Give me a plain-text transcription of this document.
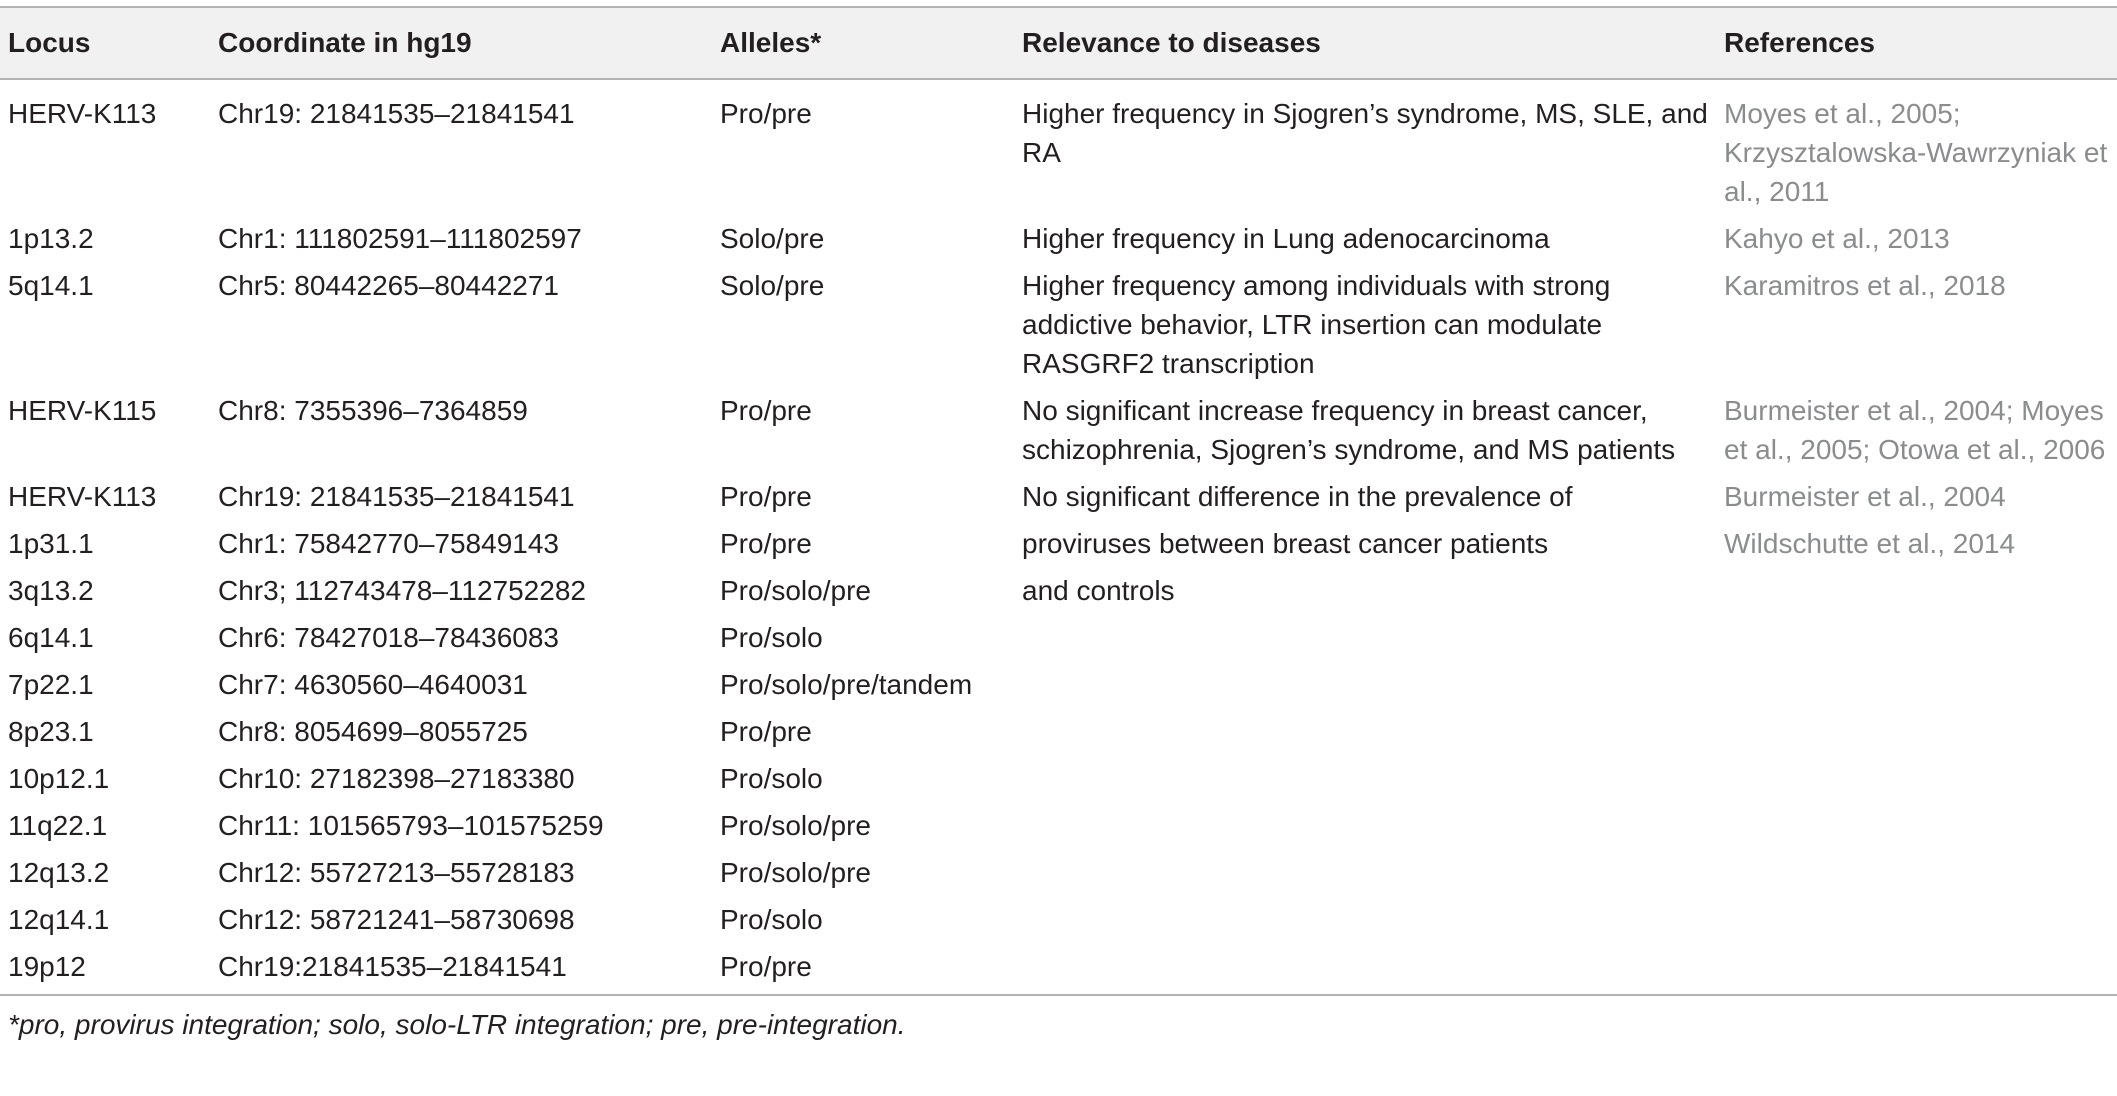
Locus	Coordinate in hg19	Alleles*	Relevance to diseases	References
HERV-K113	Chr19: 21841535–21841541	Pro/pre	Higher frequency in Sjogren’s syndrome, MS, SLE, and RA	Moyes et al., 2005; Krzysztalowska-Wawrzyniak et al., 2011
1p13.2	Chr1: 111802591–111802597	Solo/pre	Higher frequency in Lung adenocarcinoma	Kahyo et al., 2013
5q14.1	Chr5: 80442265–80442271	Solo/pre	Higher frequency among individuals with strong addictive behavior, LTR insertion can modulate RASGRF2 transcription	Karamitros et al., 2018
HERV-K115	Chr8: 7355396–7364859	Pro/pre	No significant increase frequency in breast cancer, schizophrenia, Sjogren’s syndrome, and MS patients	Burmeister et al., 2004; Moyes et al., 2005; Otowa et al., 2006
HERV-K113	Chr19: 21841535–21841541	Pro/pre	No significant difference in the prevalence of	Burmeister et al., 2004
1p31.1	Chr1: 75842770–75849143	Pro/pre	proviruses between breast cancer patients	Wildschutte et al., 2014
3q13.2	Chr3; 112743478–112752282	Pro/solo/pre	and controls	
6q14.1	Chr6: 78427018–78436083	Pro/solo		
7p22.1	Chr7: 4630560–4640031	Pro/solo/pre/tandem		
8p23.1	Chr8: 8054699–8055725	Pro/pre		
10p12.1	Chr10: 27182398–27183380	Pro/solo		
11q22.1	Chr11: 101565793–101575259	Pro/solo/pre		
12q13.2	Chr12: 55727213–55728183	Pro/solo/pre		
12q14.1	Chr12: 58721241–58730698	Pro/solo		
19p12	Chr19:21841535–21841541	Pro/pre		
*pro, provirus integration; solo, solo-LTR integration; pre, pre-integration.
